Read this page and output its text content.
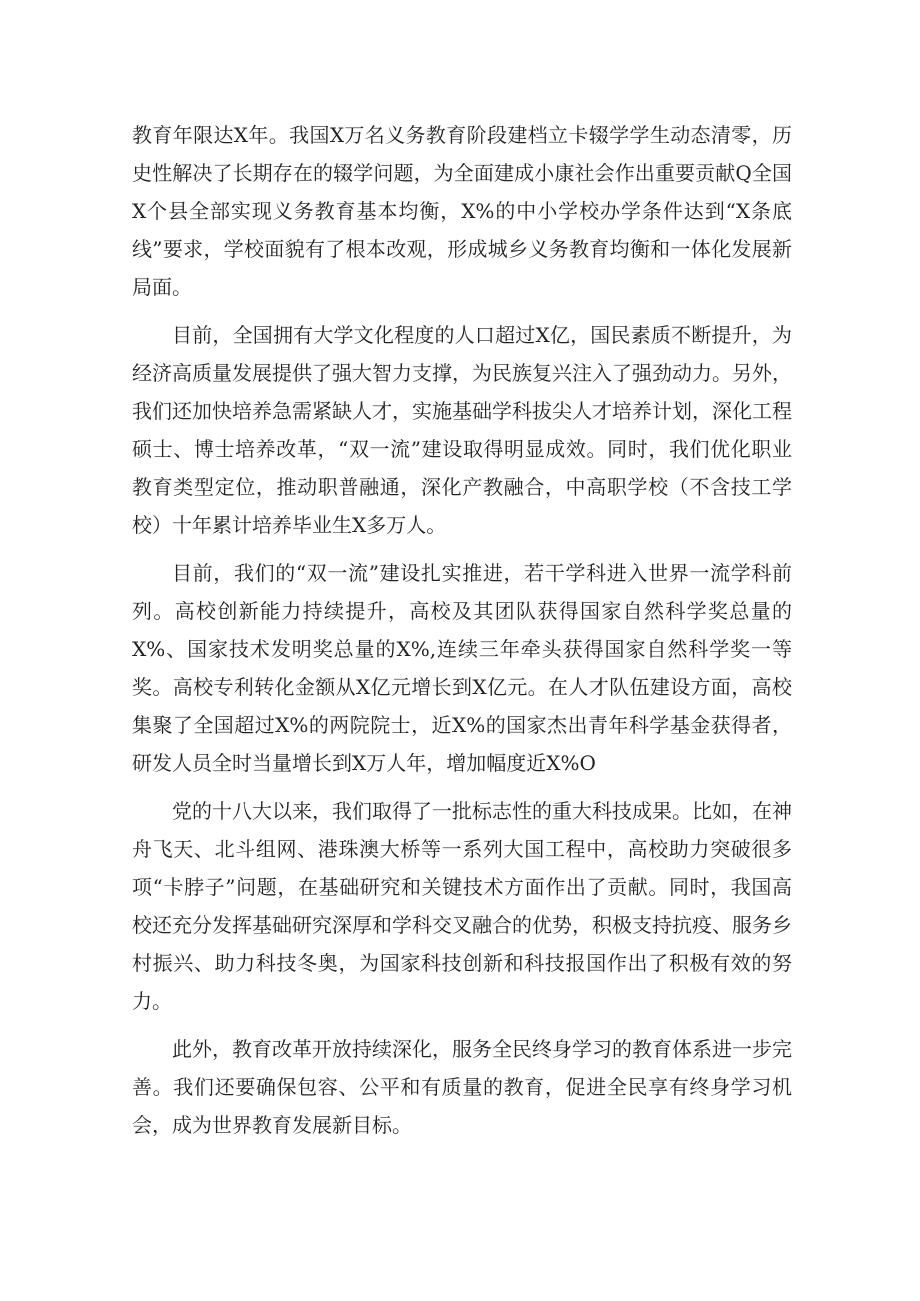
教育年限达X年。我国X万名义务教育阶段建档立卡辍学学生动态清零，历史性解决了长期存在的辍学问题，为全面建成小康社会作出重要贡献Q全国X个县全部实现义务教育基本均衡，X%的中小学校办学条件达到“X条底线”要求，学校面貌有了根本改观，形成城乡义务教育均衡和一体化发展新局面。

目前，全国拥有大学文化程度的人口超过X亿，国民素质不断提升，为经济高质量发展提供了强大智力支撑，为民族复兴注入了强劲动力。另外，我们还加快培养急需紧缺人才，实施基础学科拔尖人才培养计划，深化工程硕士、博士培养改革，“双一流”建设取得明显成效。同时，我们优化职业教育类型定位，推动职普融通，深化产教融合，中高职学校（不含技工学校）十年累计培养毕业生X多万人。

目前，我们的“双一流”建设扎实推进，若干学科进入世界一流学科前列。高校创新能力持续提升，高校及其团队获得国家自然科学奖总量的X%、国家技术发明奖总量的X%,连续三年牵头获得国家自然科学奖一等奖。高校专利转化金额从X亿元增长到X亿元。在人才队伍建设方面，高校集聚了全国超过X%的两院院士，近X%的国家杰出青年科学基金获得者，研发人员全时当量增长到X万人年，增加幅度近X%O

党的十八大以来，我们取得了一批标志性的重大科技成果。比如，在神舟飞天、北斗组网、港珠澳大桥等一系列大国工程中，高校助力突破很多项“卡脖子”问题，在基础研究和关键技术方面作出了贡献。同时，我国高校还充分发挥基础研究深厚和学科交叉融合的优势，积极支持抗疫、服务乡村振兴、助力科技冬奥，为国家科技创新和科技报国作出了积极有效的努力。

此外，教育改革开放持续深化，服务全民终身学习的教育体系进一步完善。我们还要确保包容、公平和有质量的教育，促进全民享有终身学习机会，成为世界教育发展新目标。
